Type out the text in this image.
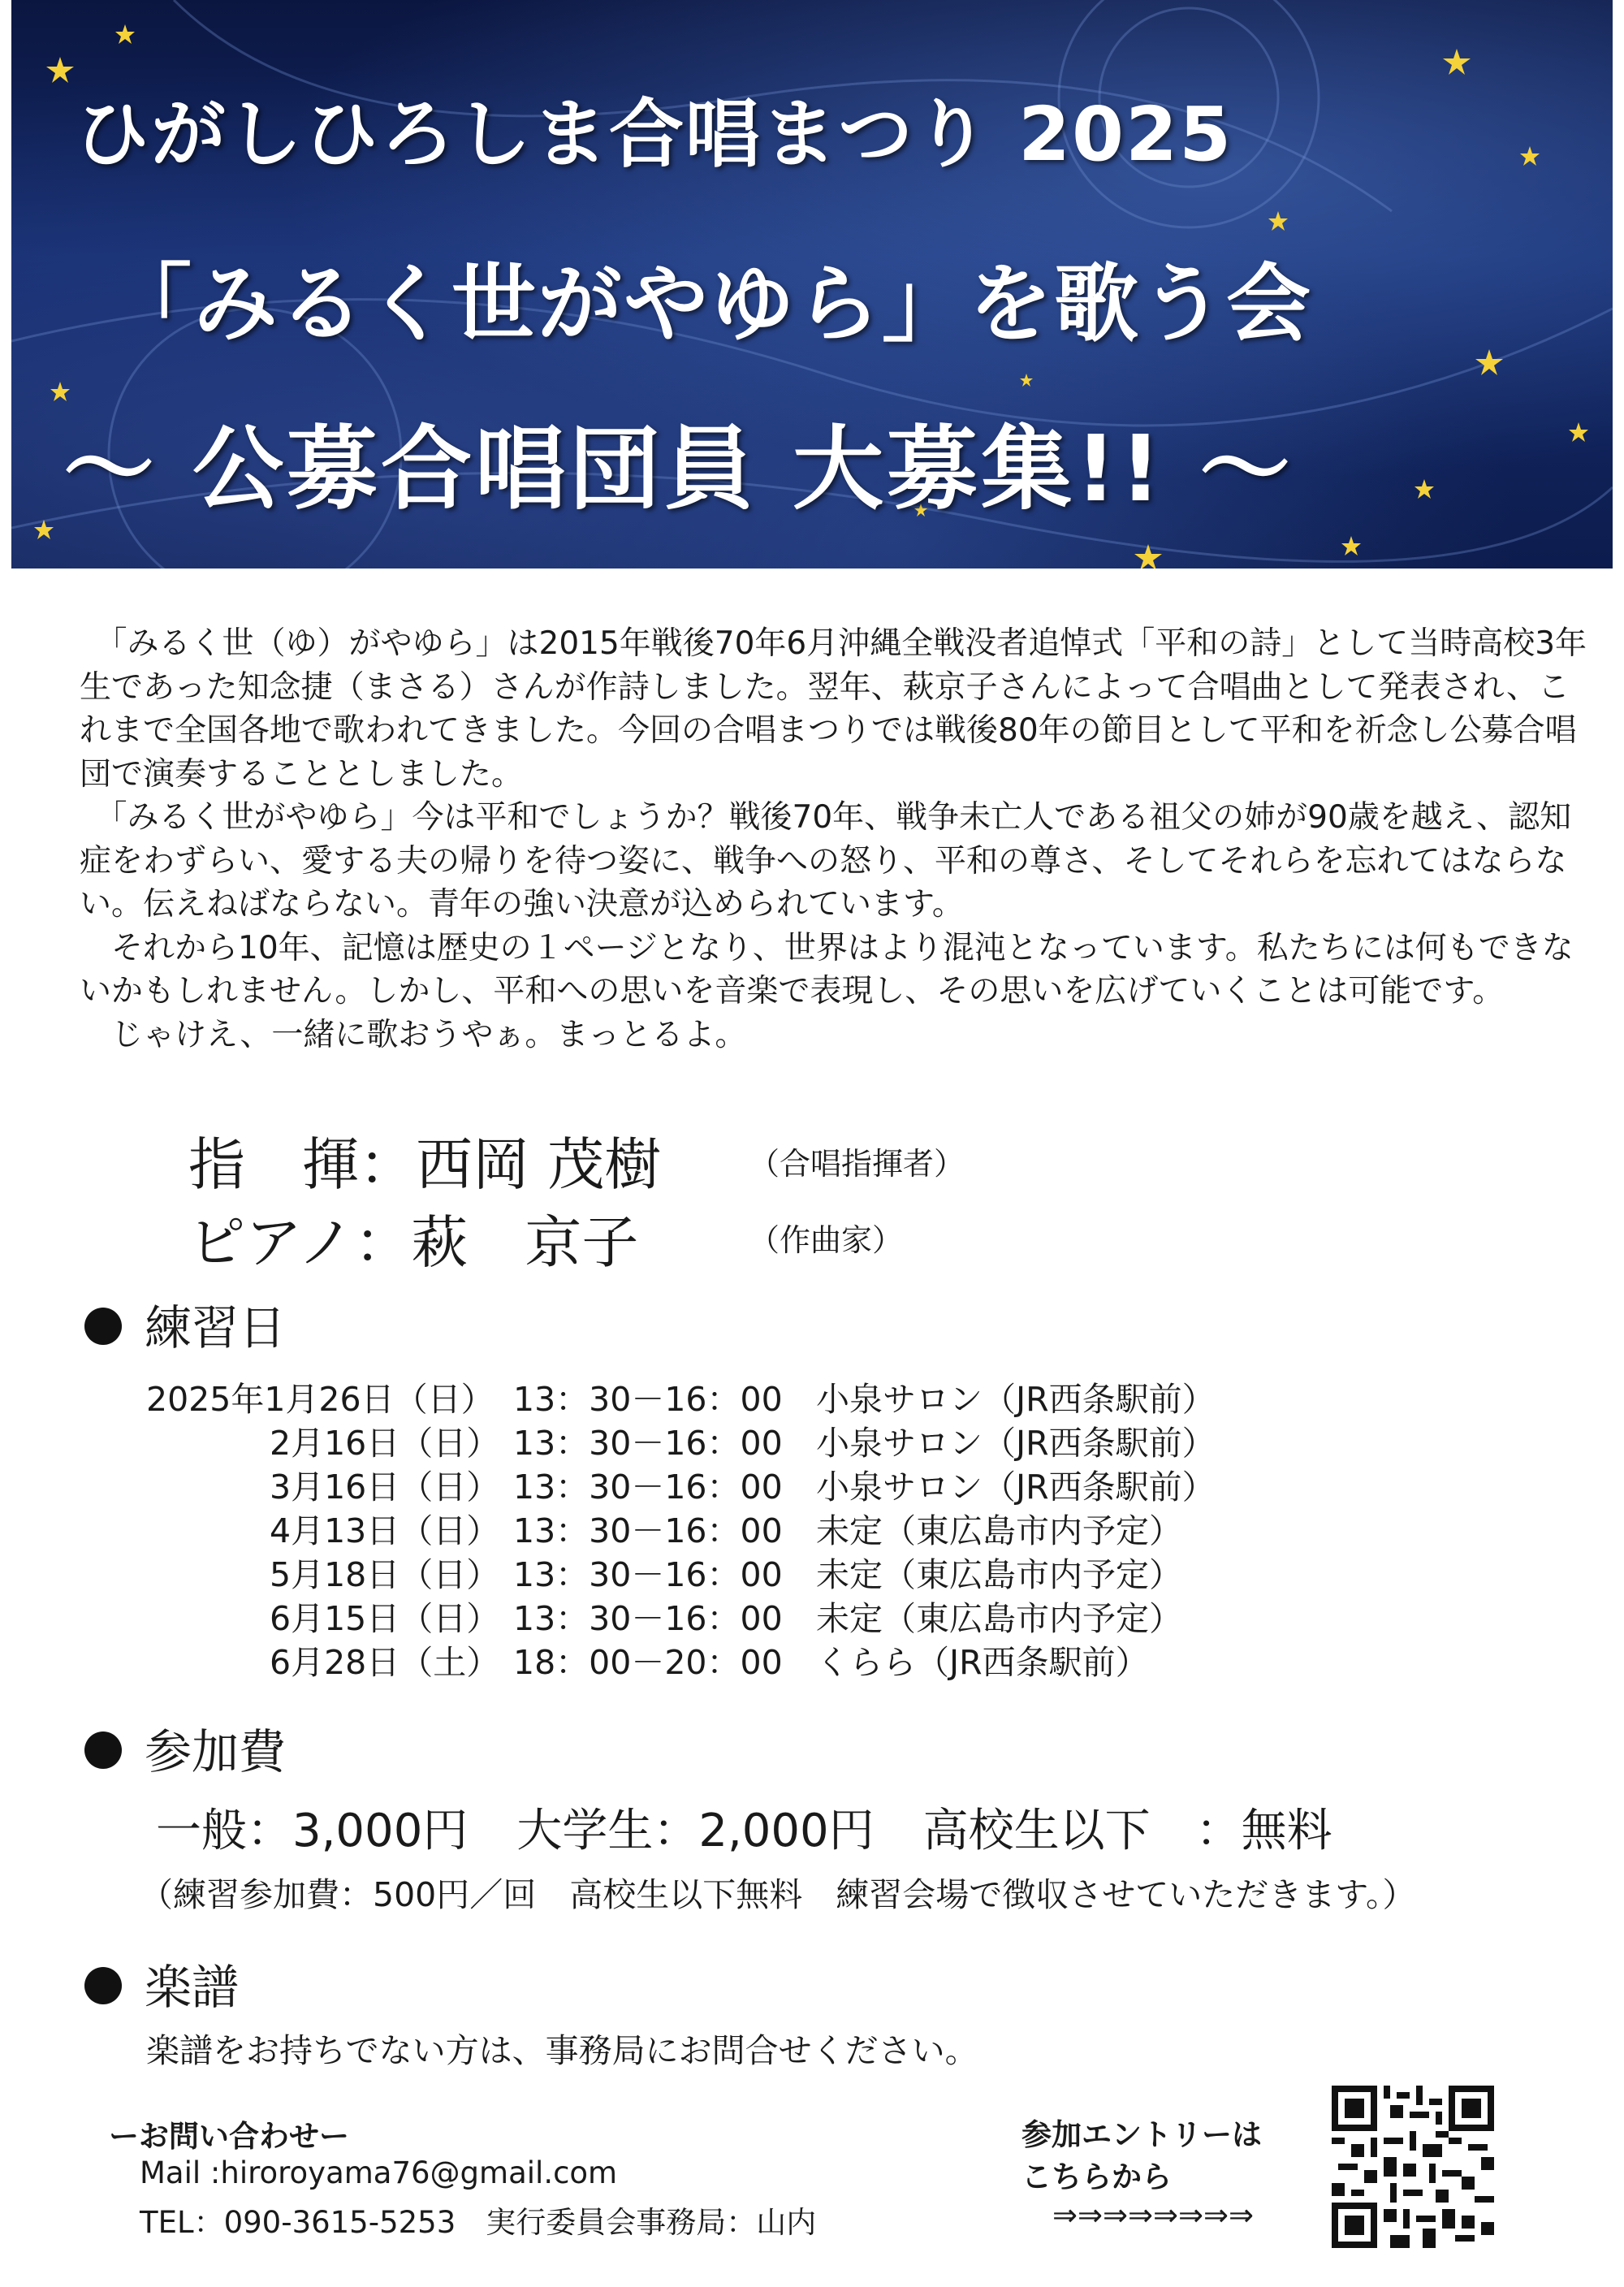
ひがしひろしま合唱まつり 2025
「みるく世がやゆら」を歌う会
～ 公募合唱団員 大募集!! ～

　「みるく世（ゆ）がやゆら」は2015年戦後70年6月沖縄全戦没者追悼式「平和の詩」として当時高校3年生であった知念捷（まさる）さんが作詩しました。翌年、萩京子さんによって合唱曲として発表され、これまで全国各地で歌われてきました。今回の合唱まつりでは戦後80年の節目として平和を祈念し公募合唱団で演奏することとしました。

　「みるく世がやゆら」今は平和でしょうか？戦後70年、戦争未亡人である祖父の姉が90歳を越え、認知症をわずらい、愛する夫の帰りを待つ姿に、戦争への怒り、平和の尊さ、そしてそれらを忘れてはならない。伝えねばならない。青年の強い決意が込められています。

　それから10年、記憶は歴史の１ページとなり、世界はより混沌となっています。私たちには何もできないかもしれません。しかし、平和への思いを音楽で表現し、その思いを広げていくことは可能です。

　じゃけえ、一緒に歌おうやぁ。まっとるよ。

指　揮：西岡 茂樹	（合唱指揮者）
ピアノ：萩　京子	（作曲家）
練習日
2025年1月26日（日） 13：30－16：00 小泉サロン（JR西条駅前）
2月16日（日） 13：30－16：00 小泉サロン（JR西条駅前）
3月16日（日） 13：30－16：00 小泉サロン（JR西条駅前）
4月13日（日） 13：30－16：00 未定（東広島市内予定）
5月18日（日） 13：30－16：00 未定（東広島市内予定）
6月15日（日） 13：30－16：00 未定（東広島市内予定）
6月28日（土） 18：00－20：00 くらら（JR西条駅前）
参加費
一般：3,000円 大学生：2,000円 高校生以下　：無料
（練習参加費：500円／回　高校生以下無料　練習会場で徴収させていただきます。）
楽譜
楽譜をお持ちでない方は、事務局にお問合せください。
ーお問い合わせー
Mail :hiroroyama76@gmail.com
TEL：090-3615-5253　実行委員会事務局：山内
参加エントリーは
こちらから
⇒⇒⇒⇒⇒⇒⇒⇒
